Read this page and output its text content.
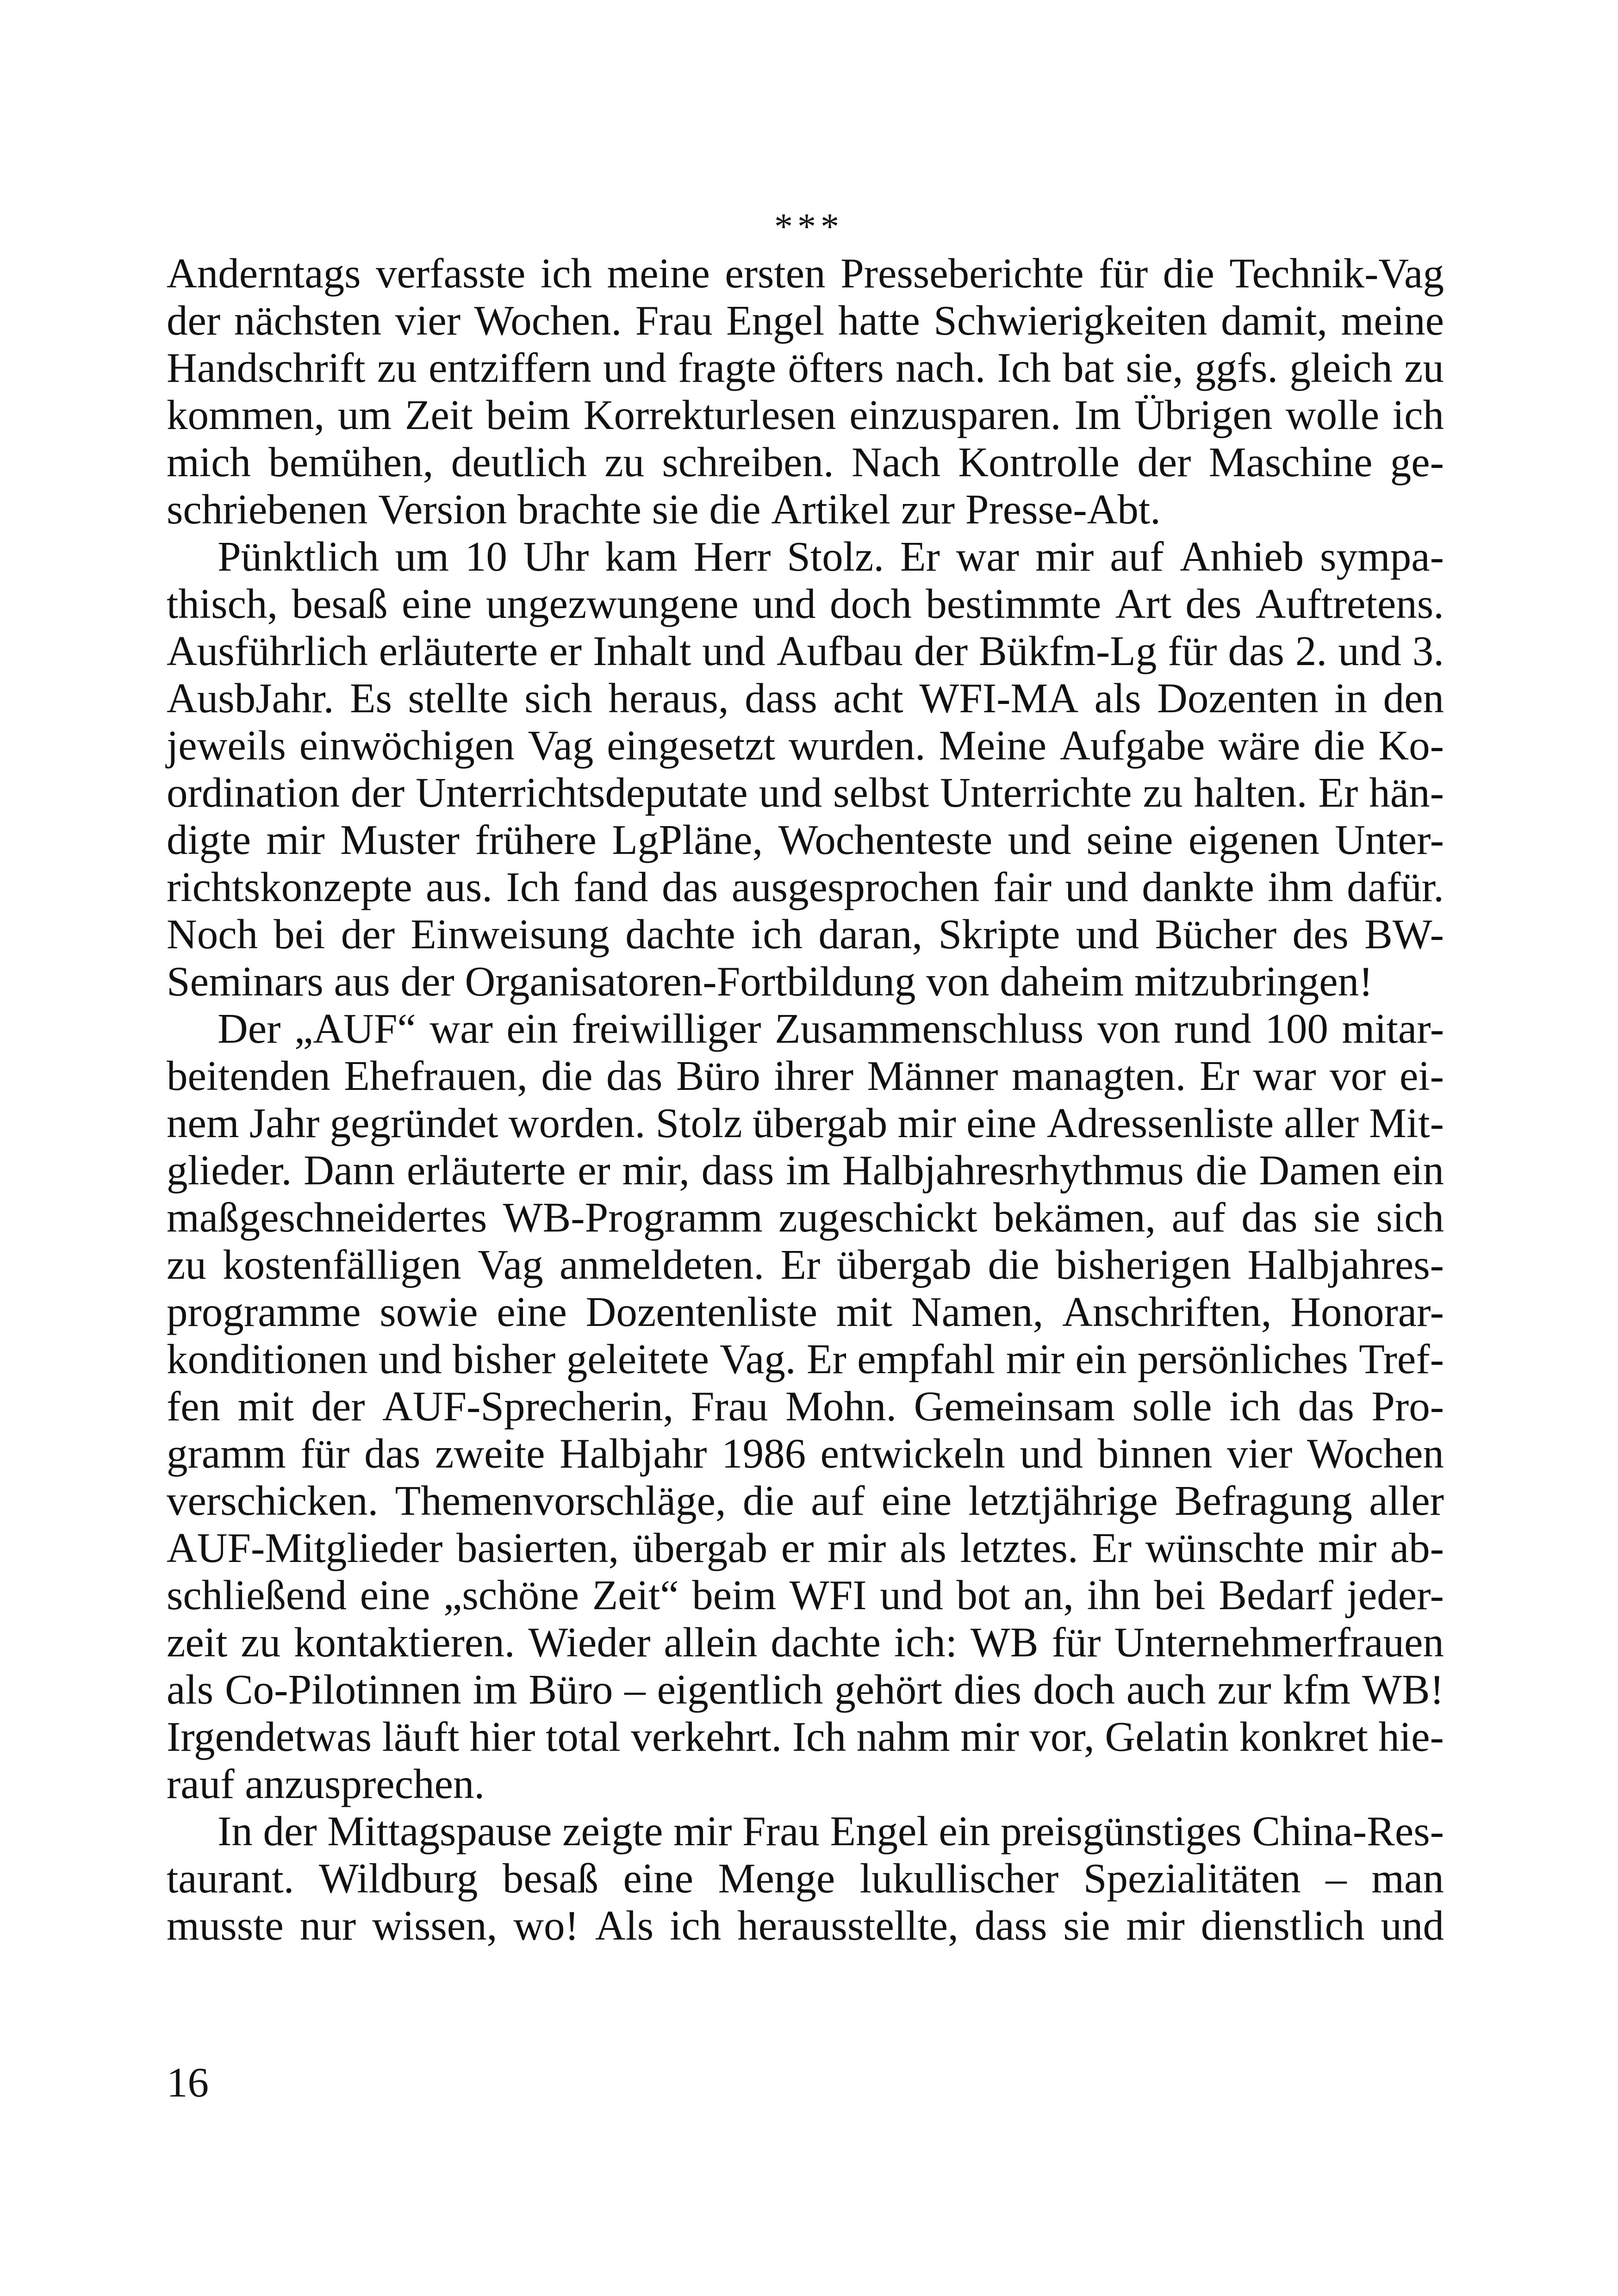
***
Anderntags verfasste ich meine ersten Presseberichte für die Technik-Vag
der nächsten vier Wochen. Frau Engel hatte Schwierigkeiten damit, meine
Handschrift zu entziffern und fragte öfters nach. Ich bat sie, ggfs. gleich zu
kommen, um Zeit beim Korrekturlesen einzusparen. Im Übrigen wolle ich
mich bemühen, deutlich zu schreiben. Nach Kontrolle der Maschine ge-
schriebenen Version brachte sie die Artikel zur Presse-Abt.
Pünktlich um 10 Uhr kam Herr Stolz. Er war mir auf Anhieb sympa-
thisch, besaß eine ungezwungene und doch bestimmte Art des Auftretens.
Ausführlich erläuterte er Inhalt und Aufbau der Bükfm-Lg für das 2. und 3.
AusbJahr. Es stellte sich heraus, dass acht WFI-MA als Dozenten in den
jeweils einwöchigen Vag eingesetzt wurden. Meine Aufgabe wäre die Ko-
ordination der Unterrichtsdeputate und selbst Unterrichte zu halten. Er hän-
digte mir Muster frühere LgPläne, Wochenteste und seine eigenen Unter-
richtskonzepte aus. Ich fand das ausgesprochen fair und dankte ihm dafür.
Noch bei der Einweisung dachte ich daran, Skripte und Bücher des BW-
Seminars aus der Organisatoren-Fortbildung von daheim mitzubringen!
Der „AUF“ war ein freiwilliger Zusammenschluss von rund 100 mitar-
beitenden Ehefrauen, die das Büro ihrer Männer managten. Er war vor ei-
nem Jahr gegründet worden. Stolz übergab mir eine Adressenliste aller Mit-
glieder. Dann erläuterte er mir, dass im Halbjahresrhythmus die Damen ein
maßgeschneidertes WB-Programm zugeschickt bekämen, auf das sie sich
zu kostenfälligen Vag anmeldeten. Er übergab die bisherigen Halbjahres-
programme sowie eine Dozentenliste mit Namen, Anschriften, Honorar-
konditionen und bisher geleitete Vag. Er empfahl mir ein persönliches Tref-
fen mit der AUF-Sprecherin, Frau Mohn. Gemeinsam solle ich das Pro-
gramm für das zweite Halbjahr 1986 entwickeln und binnen vier Wochen
verschicken. Themenvorschläge, die auf eine letztjährige Befragung aller
AUF-Mitglieder basierten, übergab er mir als letztes. Er wünschte mir ab-
schließend eine „schöne Zeit“ beim WFI und bot an, ihn bei Bedarf jeder-
zeit zu kontaktieren. Wieder allein dachte ich: WB für Unternehmerfrauen
als Co-Pilotinnen im Büro – eigentlich gehört dies doch auch zur kfm WB!
Irgendetwas läuft hier total verkehrt. Ich nahm mir vor, Gelatin konkret hie-
rauf anzusprechen.
In der Mittagspause zeigte mir Frau Engel ein preisgünstiges China-Res-
taurant. Wildburg besaß eine Menge lukullischer Spezialitäten – man
musste nur wissen, wo! Als ich herausstellte, dass sie mir dienstlich und
16
